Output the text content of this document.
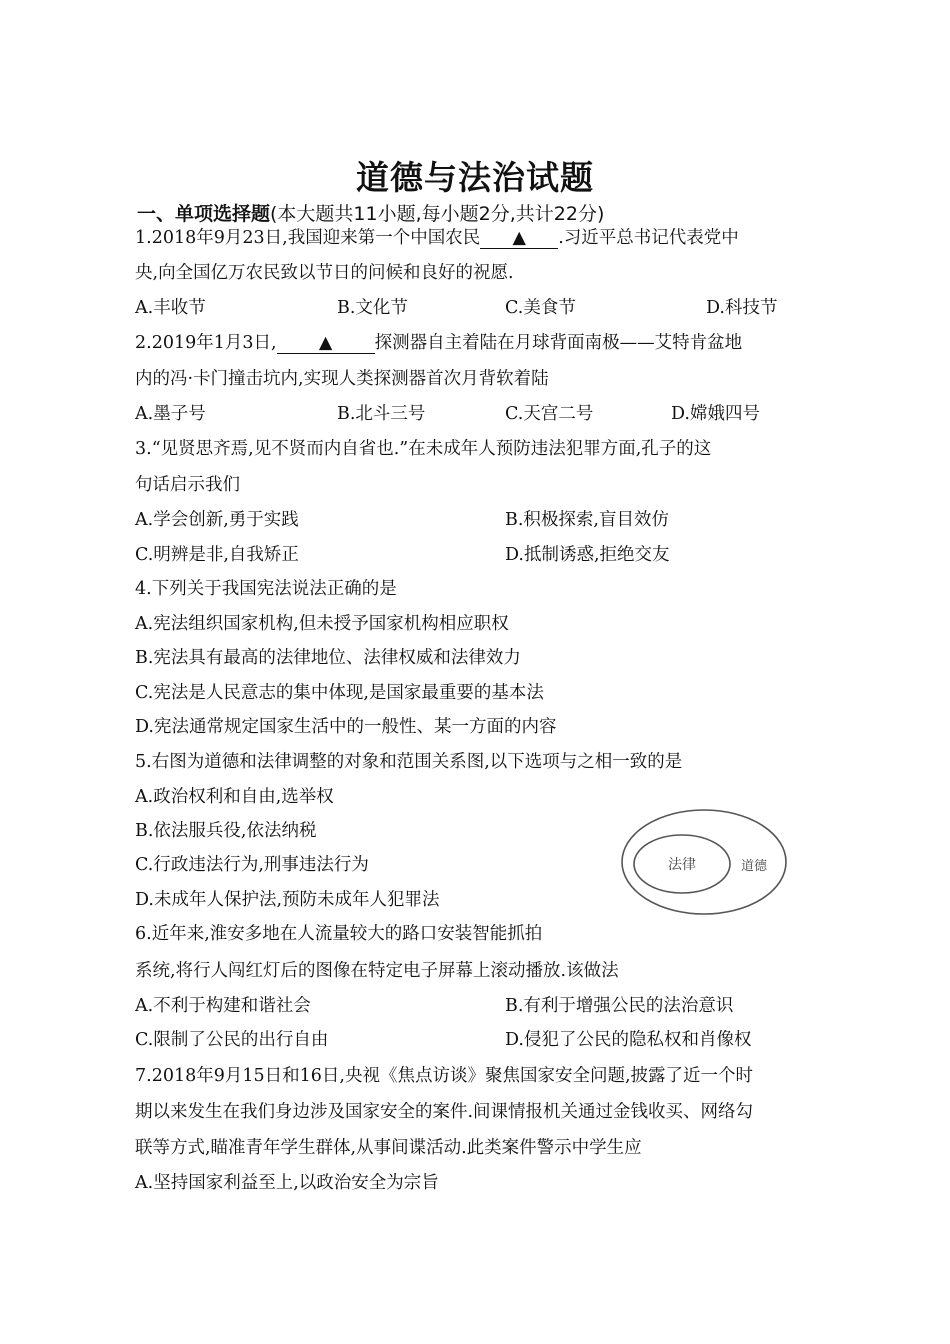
道德与法治试题
一、单项选择题(本大题共11小题,每小题2分,共计22分)
1.2018年9月23日,我国迎来第一个中国农民 ▲ .习近平总书记代表党中
央,向全国亿万农民致以节日的问候和良好的祝愿.
A.丰收节	B.文化节	C.美食节	D.科技节
2.2019年1月3日, ▲ 探测器自主着陆在月球背面南极——艾特肯盆地
内的冯·卡门撞击坑内,实现人类探测器首次月背软着陆
A.墨子号	B.北斗三号	C.天宫二号	D.嫦娥四号
3.“见贤思齐焉,见不贤而内自省也.”在未成年人预防违法犯罪方面,孔子的这
句话启示我们
A.学会创新,勇于实践	B.积极探索,盲目效仿
C.明辨是非,自我矫正	D.抵制诱惑,拒绝交友
4.下列关于我国宪法说法正确的是
A.宪法组织国家机构,但未授予国家机构相应职权
B.宪法具有最高的法律地位、法律权威和法律效力
C.宪法是人民意志的集中体现,是国家最重要的基本法
D.宪法通常规定国家生活中的一般性、某一方面的内容
5.右图为道德和法律调整的对象和范围关系图,以下选项与之相一致的是
A.政治权利和自由,选举权
B.依法服兵役,依法纳税
C.行政违法行为,刑事违法行为
D.未成年人保护法,预防未成年人犯罪法
法律	道德
6.近年来,淮安多地在人流量较大的路口安装智能抓拍
系统,将行人闯红灯后的图像在特定电子屏幕上滚动播放.该做法
A.不利于构建和谐社会	B.有利于增强公民的法治意识
C.限制了公民的出行自由	D.侵犯了公民的隐私权和肖像权
7.2018年9月15日和16日,央视《焦点访谈》聚焦国家安全问题,披露了近一个时
期以来发生在我们身边涉及国家安全的案件.间课情报机关通过金钱收买、网络勾
联等方式,瞄准青年学生群体,从事间谍活动.此类案件警示中学生应
A.坚持国家利益至上,以政治安全为宗旨
